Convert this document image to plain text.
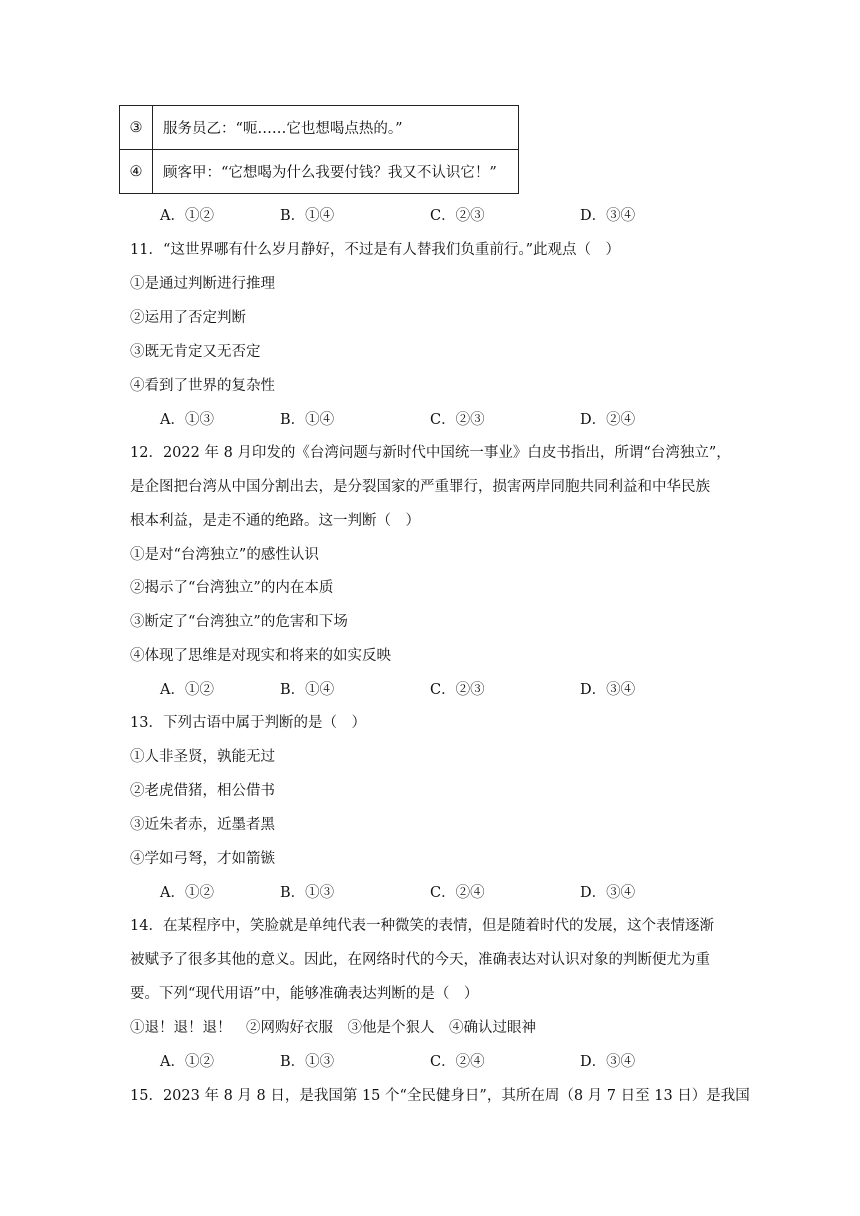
③	服务员乙：“呃……它也想喝点热的。”
④	顾客甲：“它想喝为什么我要付钱？我又不认识它！”
A．①②	B．①④	C．②③	D．③④
11．“这世界哪有什么岁月静好，不过是有人替我们负重前行。”此观点（　）
①是通过判断进行推理
②运用了否定判断
③既无肯定又无否定
④看到了世界的复杂性
A．①③	B．①④	C．②③	D．②④
12．2022 年 8 月印发的《台湾问题与新时代中国统一事业》白皮书指出，所谓“台湾独立”，
是企图把台湾从中国分割出去，是分裂国家的严重罪行，损害两岸同胞共同利益和中华民族
根本利益，是走不通的绝路。这一判断（　）
①是对“台湾独立”的感性认识
②揭示了“台湾独立”的内在本质
③断定了“台湾独立”的危害和下场
④体现了思维是对现实和将来的如实反映
A．①②	B．①④	C．②③	D．③④
13．下列古语中属于判断的是（　）
①人非圣贤，孰能无过
②老虎借猪，相公借书
③近朱者赤，近墨者黑
④学如弓弩，才如箭镞
A．①②	B．①③	C．②④	D．③④
14．在某程序中，笑脸就是单纯代表一种微笑的表情，但是随着时代的发展，这个表情逐渐
被赋予了很多其他的意义。因此，在网络时代的今天，准确表达对认识对象的判断便尤为重
要。下列“现代用语”中，能够准确表达判断的是（　）
①退！退！退！　②网购好衣服　③他是个狠人　④确认过眼神
A．①②	B．①③	C．②④	D．③④
15．2023 年 8 月 8 日，是我国第 15 个“全民健身日”，其所在周（8 月 7 日至 13 日）是我国
